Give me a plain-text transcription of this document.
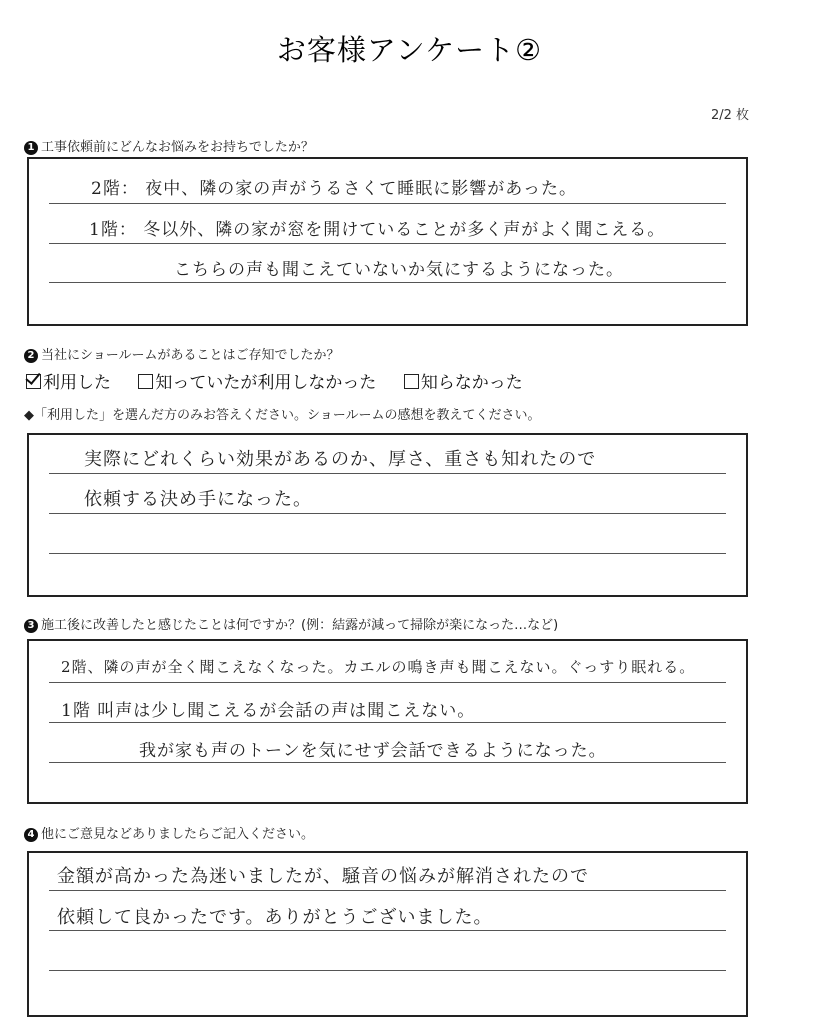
お客様アンケート②
2/2 枚
1 工事依頼前にどんなお悩みをお持ちでしたか？
2階： 夜中、隣の家の声がうるさくて睡眠に影響があった。
1階： 冬以外、隣の家が窓を開けていることが多く声がよく聞こえる。
こちらの声も聞こえていないか気にするようになった。
2 当社にショールームがあることはご存知でしたか？
利用した	知っていたが利用しなかった	知らなかった
◆「利用した」を選んだ方のみお答えください。ショールームの感想を教えてください。
実際にどれくらい効果があるのか、厚さ、重さも知れたので
依頼する決め手になった。
3 施工後に改善したと感じたことは何ですか？(例：結露が減って掃除が楽になった…など)
2階、隣の声が全く聞こえなくなった。カエルの鳴き声も聞こえない。ぐっすり眠れる。
1階 叫声は少し聞こえるが会話の声は聞こえない。
我が家も声のトーンを気にせず会話できるようになった。
4 他にご意見などありましたらご記入ください。
金額が高かった為迷いましたが、騒音の悩みが解消されたので
依頼して良かったです。ありがとうございました。
